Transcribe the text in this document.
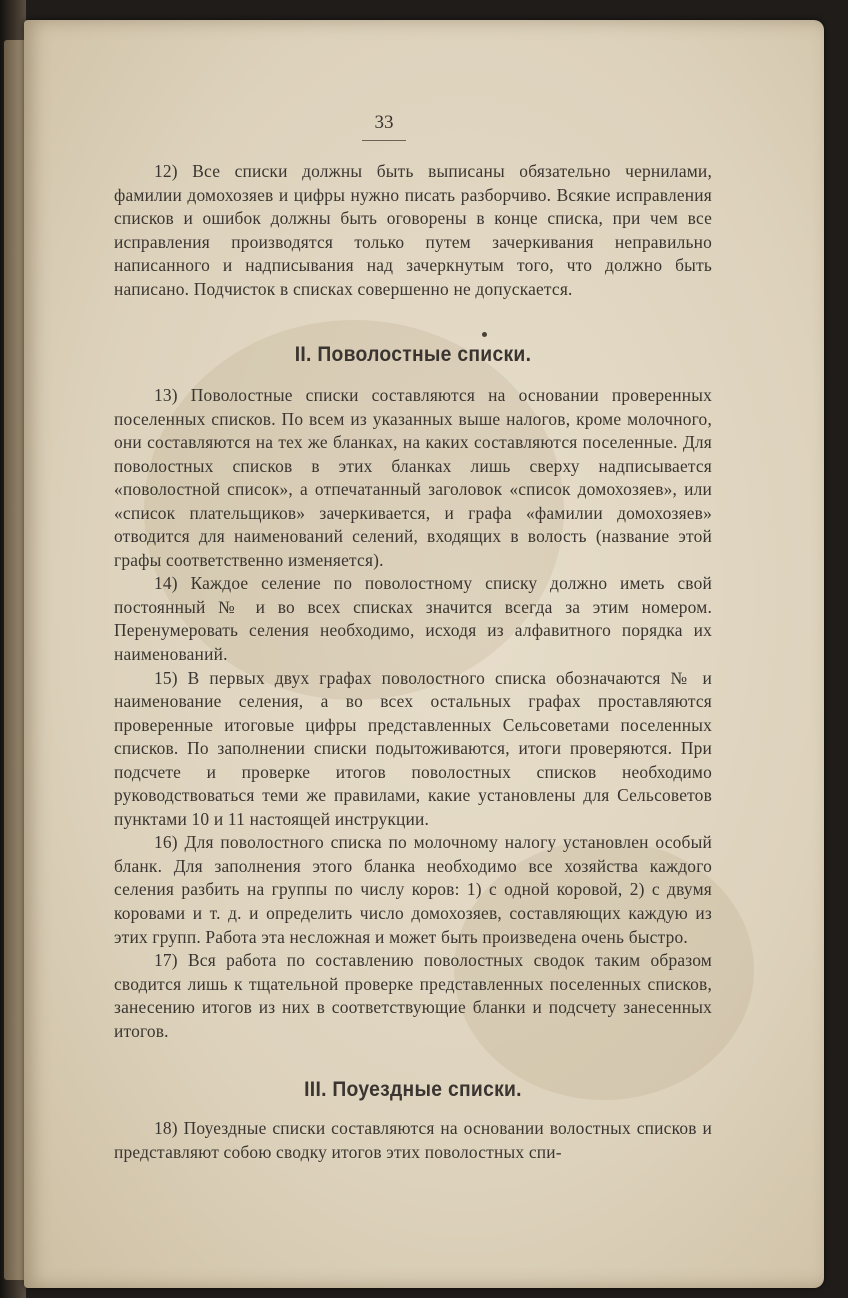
33

12) Все списки должны быть выписаны обязательно чернилами, фамилии домохозяев и цифры нужно писать разборчиво. Всякие исправления списков и ошибок должны быть оговорены в конце списка, при чем все исправления производятся только путем зачеркивания неправильно написанного и надписывания над зачеркнутым того, что должно быть написано. Подчисток в списках совершенно не допускается.

II. Поволостные списки.

13) Поволостные списки составляются на основании проверенных поселенных списков. По всем из указанных выше налогов, кроме молочного, они составляются на тех же бланках, на каких составляются поселенные. Для поволостных списков в этих бланках лишь сверху надписывается «поволостной список», а отпечатанный заголовок «список домохозяев», или «список плательщиков» зачеркивается, и графа «фамилии домохозяев» отводится для наименований селений, входящих в волость (название этой графы соответственно изменяется).

14) Каждое селение по поволостному списку должно иметь свой постоянный № и во всех списках значится всегда за этим номером. Перенумеровать селения необходимо, исходя из алфавитного порядка их наименований.

15) В первых двух графах поволостного списка обозначаются № и наименование селения, а во всех остальных графах проставляются проверенные итоговые цифры представленных Сельсоветами поселенных списков. По заполнении списки подытоживаются, итоги проверяются. При подсчете и проверке итогов поволостных списков необходимо руководствоваться теми же правилами, какие установлены для Сельсоветов пунктами 10 и 11 настоящей инструкции.

16) Для поволостного списка по молочному налогу установлен особый бланк. Для заполнения этого бланка необходимо все хозяйства каждого селения разбить на группы по числу коров: 1) с одной коровой, 2) с двумя коровами и т. д. и определить число домохозяев, составляющих каждую из этих групп. Работа эта несложная и может быть произведена очень быстро.

17) Вся работа по составлению поволостных сводок таким образом сводится лишь к тщательной проверке представленных поселенных списков, занесению итогов из них в соответствующие бланки и подсчету занесенных итогов.

III. Поуездные списки.

18) Поуездные списки составляются на основании волостных списков и представляют собою сводку итогов этих поволостных спи-
